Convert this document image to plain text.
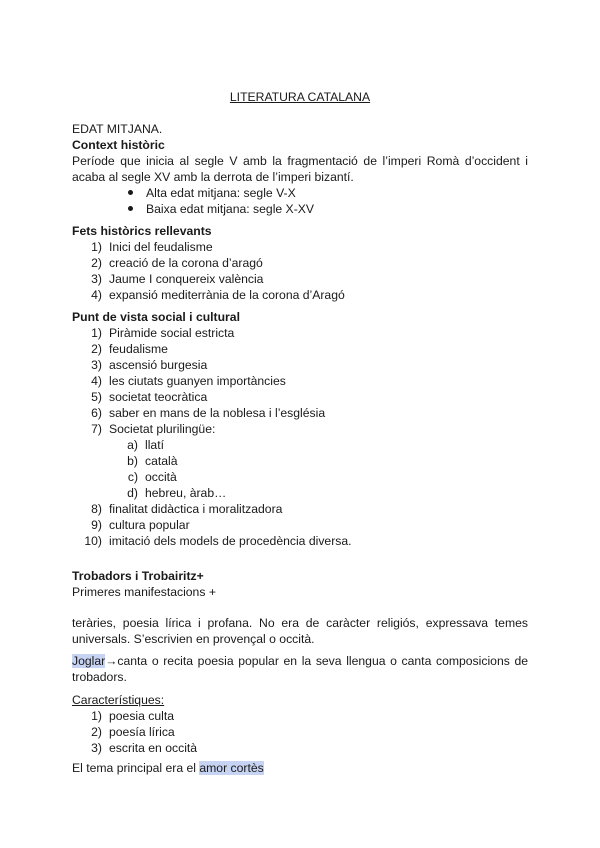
LITERATURA CATALANA
EDAT MITJANA.
Context històric
Període que inicia al segle V amb la fragmentació de l’imperi Romà d’occident i
acaba al segle XV amb la derrota de l’imperi bizantí.
Alta edat mitjana: segle V-X
Baixa edat mitjana: segle X-XV
Fets històrics rellevants
1) Inici del feudalisme
2) creació de la corona d’aragó
3) Jaume I conquereix valència
4) expansió mediterrània de la corona d’Aragó
Punt de vista social i cultural
1) Piràmide social estricta
2) feudalisme
3) ascensió burgesia
4) les ciutats guanyen importàncies
5) societat teocràtica
6) saber en mans de la noblesa i l’església
7) Societat plurilingüe:
a) llatí
b) català
c) occità
d) hebreu, àrab…
8) finalitat didàctica i moralitzadora
9) cultura popular
10) imitació dels models de procedència diversa.
Trobadors i Trobairitz+
Primeres manifestacions +
teràries, poesia lírica i profana. No era de caràcter religiós, expressava temes
universals. S’escrivien en provençal o occità.
Joglar→canta o recita poesia popular en la seva llengua o canta composicions de
trobadors.
Característiques:
1) poesia culta
2) poesía lírica
3) escrita en occità
El tema principal era el amor cortès
